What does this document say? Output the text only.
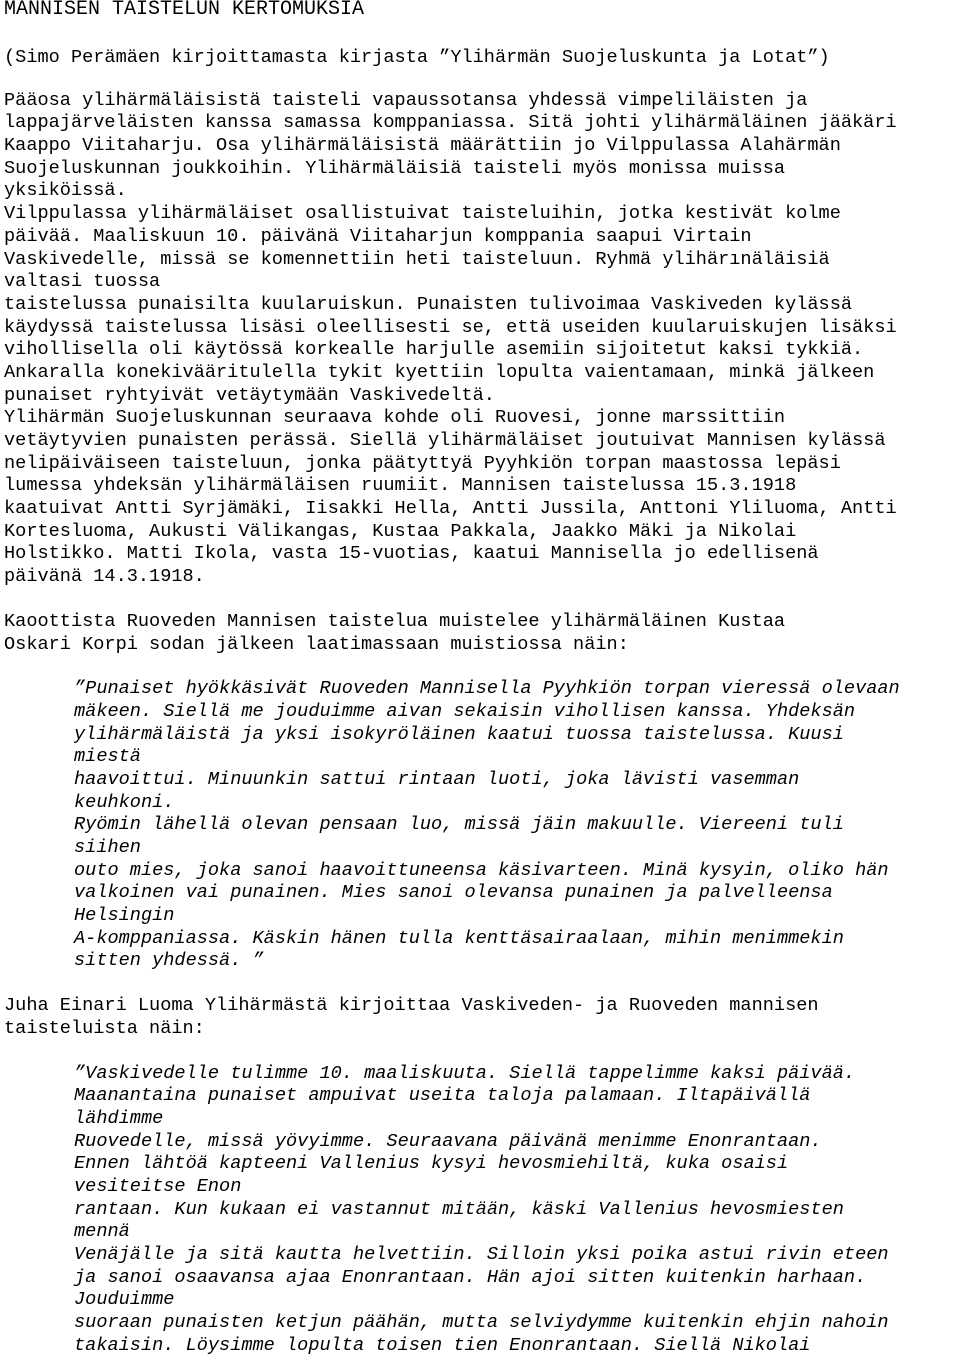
MANNISEN TAISTELUN KERTOMUKSIA
(Simo Perämäen kirjoittamasta kirjasta ”Ylihärmän Suojeluskunta ja Lotat”)
Pääosa ylihärmäläisistä taisteli vapaussotansa yhdessä vimpeliläisten ja
lappajärveläisten kanssa samassa komppaniassa. Sitä johti ylihärmäläinen jääkäri
Kaappo Viitaharju. Osa ylihärmäläisistä määrättiin jo Vilppulassa Alahärmän
Suojeluskunnan joukkoihin. Ylihärmäläisiä taisteli myös monissa muissa
yksiköissä.
Vilppulassa ylihärmäläiset osallistuivat taisteluihin, jotka kestivät kolme
päivää. Maaliskuun 10. päivänä Viitaharjun komppania saapui Virtain
Vaskivedelle, missä se komennettiin heti taisteluun. Ryhmä ylihärınäläisiä
valtasi tuossa
taistelussa punaisilta kuularuiskun. Punaisten tulivoimaa Vaskiveden kylässä
käydyssä taistelussa lisäsi oleellisesti se, että useiden kuularuiskujen lisäksi
vihollisella oli käytössä korkealle harjulle asemiin sijoitetut kaksi tykkiä.
Ankaralla konekivääritulella tykit kyettiin lopulta vaientamaan, minkä jälkeen
punaiset ryhtyivät vetäytymään Vaskivedeltä.
Ylihärmän Suojeluskunnan seuraava kohde oli Ruovesi, jonne marssittiin
vetäytyvien punaisten perässä. Siellä ylihärmäläiset joutuivat Mannisen kylässä
nelipäiväiseen taisteluun, jonka päätyttyä Pyyhkiön torpan maastossa lepäsi
lumessa yhdeksän ylihärmäläisen ruumiit. Mannisen taistelussa 15.3.1918
kaatuivat Antti Syrjämäki, Iisakki Hella, Antti Jussila, Anttoni Yliluoma, Antti
Kortesluoma, Aukusti Välikangas, Kustaa Pakkala, Jaakko Mäki ja Nikolai
Holstikko. Matti Ikola, vasta 15-vuotias, kaatui Mannisella jo edellisenä
päivänä 14.3.1918.
Kaoottista Ruoveden Mannisen taistelua muistelee ylihärmäläinen Kustaa
Oskari Korpi sodan jälkeen laatimassaan muistiossa näin:
”Punaiset hyökkäsivät Ruoveden Mannisella Pyyhkiön torpan vieressä olevaan
mäkeen. Siellä me jouduimme aivan sekaisin vihollisen kanssa. Yhdeksän
ylihärmäläistä ja yksi isokyröläinen kaatui tuossa taistelussa. Kuusi
miestä
haavoittui. Minuunkin sattui rintaan luoti, joka lävisti vasemman
keuhkoni.
Ryömin lähellä olevan pensaan luo, missä jäin makuulle. Viereeni tuli
siihen
outo mies, joka sanoi haavoittuneensa käsivarteen. Minä kysyin, oliko hän
valkoinen vai punainen. Mies sanoi olevansa punainen ja palvelleensa
Helsingin
A-komppaniassa. Käskin hänen tulla kenttäsairaalaan, mihin menimmekin
sitten yhdessä. ”
Juha Einari Luoma Ylihärmästä kirjoittaa Vaskiveden- ja Ruoveden mannisen
taisteluista näin:
”Vaskivedelle tulimme 10. maaliskuuta. Siellä tappelimme kaksi päivää.
Maanantaina punaiset ampuivat useita taloja palamaan. Iltapäivällä
lähdimme
Ruovedelle, missä yövyimme. Seuraavana päivänä menimme Enonrantaan.
Ennen lähtöä kapteeni Vallenius kysyi hevosmiehiltä, kuka osaisi
vesiteitse Enon
rantaan. Kun kukaan ei vastannut mitään, käski Vallenius hevosmiesten
mennä
Venäjälle ja sitä kautta helvettiin. Silloin yksi poika astui rivin eteen
ja sanoi osaavansa ajaa Enonrantaan. Hän ajoi sitten kuitenkin harhaan.
Jouduimme
suoraan punaisten ketjun päähän, mutta selviydymme kuitenkin ehjin nahoin
takaisin. Löysimme lopulta toisen tien Enonrantaan. Siellä Nikolai
